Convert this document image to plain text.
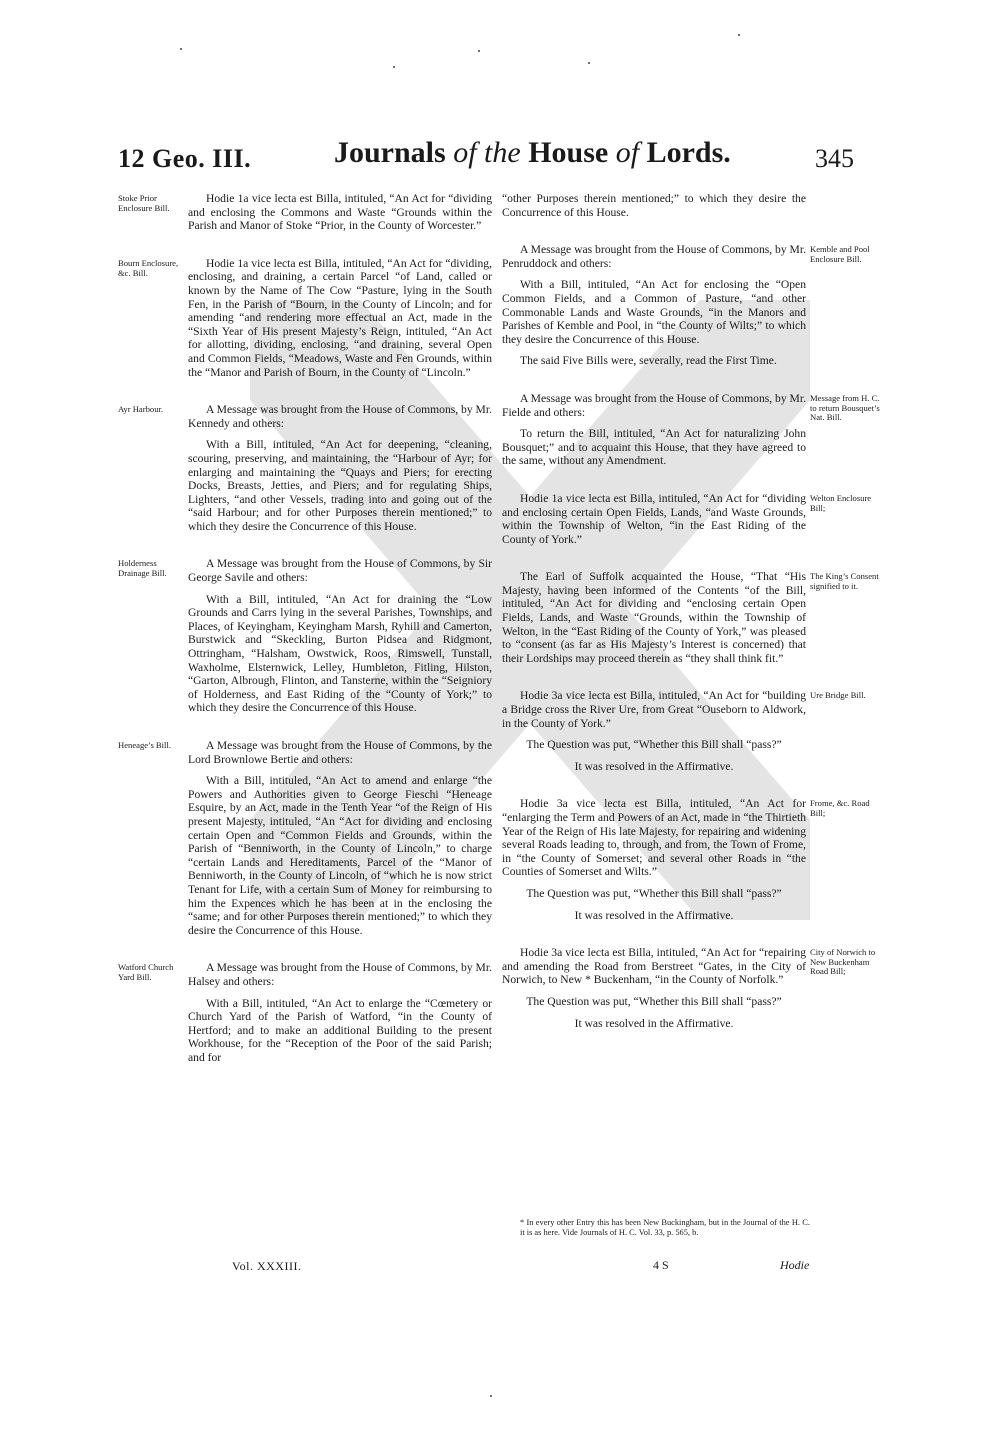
12 Geo. III.	Journals of the House of Lords.	345

Hodie 1a vice lecta est Billa, intituled, “An Act for “dividing and enclosing the Commons and Waste “Grounds within the Parish and Manor of Stoke “Prior, in the County of Worcester.”

Hodie 1a vice lecta est Billa, intituled, “An Act for “dividing, enclosing, and draining, a certain Parcel “of Land, called or known by the Name of The Cow “Pasture, lying in the South Fen, in the Parish of “Bourn, in the County of Lincoln; and for amending “and rendering more effectual an Act, made in the “Sixth Year of His present Majesty’s Reign, intituled, “An Act for allotting, dividing, enclosing, “and draining, several Open and Common Fields, “Meadows, Waste and Fen Grounds, within the “Manor and Parish of Bourn, in the County of “Lincoln.”

A Message was brought from the House of Commons, by Mr. Kennedy and others:

With a Bill, intituled, “An Act for deepening, “cleaning, scouring, preserving, and maintaining, the “Harbour of Ayr; for enlarging and maintaining the “Quays and Piers; for erecting Docks, Breasts, Jetties, and Piers; and for regulating Ships, Lighters, “and other Vessels, trading into and going out of the “said Harbour; and for other Purposes therein mentioned;” to which they desire the Concurrence of this House.

A Message was brought from the House of Commons, by Sir George Savile and others:

With a Bill, intituled, “An Act for draining the “Low Grounds and Carrs lying in the several Parishes, Townships, and Places, of Keyingham, Keyingham Marsh, Ryhill and Camerton, Burstwick and “Skeckling, Burton Pidsea and Ridgmont, Ottringham, “Halsham, Owstwick, Roos, Rimswell, Tunstall, Waxholme, Elsternwick, Lelley, Humbleton, Fitling, Hilston, “Garton, Albrough, Flinton, and Tansterne, within the “Seigniory of Holderness, and East Riding of the “County of York;” to which they desire the Concurrence of this House.

A Message was brought from the House of Commons, by the Lord Brownlowe Bertie and others:

With a Bill, intituled, “An Act to amend and enlarge “the Powers and Authorities given to George Fieschi “Heneage Esquire, by an Act, made in the Tenth Year “of the Reign of His present Majesty, intituled, “An “Act for dividing and enclosing certain Open and “Common Fields and Grounds, within the Parish of “Benniworth, in the County of Lincoln,” to charge “certain Lands and Hereditaments, Parcel of the “Manor of Benniworth, in the County of Lincoln, of “which he is now strict Tenant for Life, with a certain Sum of Money for reimbursing to him the Expences which he has been at in the enclosing the “same; and for other Purposes therein mentioned;” to which they desire the Concurrence of this House.

A Message was brought from the House of Commons, by Mr. Halsey and others:

With a Bill, intituled, “An Act to enlarge the “Cœmetery or Church Yard of the Parish of Watford, “in the County of Hertford; and to make an additional Building to the present Workhouse, for the “Reception of the Poor of the said Parish; and for

“other Purposes therein mentioned;” to which they desire the Concurrence of this House.

A Message was brought from the House of Commons, by Mr. Penruddock and others:

With a Bill, intituled, “An Act for enclosing the “Open Common Fields, and a Common of Pasture, “and other Commonable Lands and Waste Grounds, “in the Manors and Parishes of Kemble and Pool, in “the County of Wilts;” to which they desire the Concurrence of this House.

The said Five Bills were, severally, read the First Time.

A Message was brought from the House of Commons, by Mr. Fielde and others:

To return the Bill, intituled, “An Act for naturalizing John Bousquet;” and to acquaint this House, that they have agreed to the same, without any Amendment.

Hodie 1a vice lecta est Billa, intituled, “An Act for “dividing and enclosing certain Open Fields, Lands, “and Waste Grounds, within the Township of Welton, “in the East Riding of the County of York.”

The Earl of Suffolk acquainted the House, “That “His Majesty, having been informed of the Contents “of the Bill, intituled, “An Act for dividing and “enclosing certain Open Fields, Lands, and Waste “Grounds, within the Township of Welton, in the “East Riding of the County of York,” was pleased to “consent (as far as His Majesty’s Interest is concerned) that their Lordships may proceed therein as “they shall think fit.”

Hodie 3a vice lecta est Billa, intituled, “An Act for “building a Bridge cross the River Ure, from Great “Ouseborn to Aldwork, in the County of York.”

The Question was put, “Whether this Bill shall “pass?”

It was resolved in the Affirmative.

Hodie 3a vice lecta est Billa, intituled, “An Act for “enlarging the Term and Powers of an Act, made in “the Thirtieth Year of the Reign of His late Majesty, for repairing and widening several Roads leading to, through, and from, the Town of Frome, in “the County of Somerset; and several other Roads in “the Counties of Somerset and Wilts.”

The Question was put, “Whether this Bill shall “pass?”

It was resolved in the Affirmative.

Hodie 3a vice lecta est Billa, intituled, “An Act for “repairing and amending the Road from Berstreet “Gates, in the City of Norwich, to New * Buckenham, “in the County of Norfolk.”

The Question was put, “Whether this Bill shall “pass?”

It was resolved in the Affirmative.

* In every other Entry this has been New Buckingham, but in the Journal of the H. C. it is as here. Vide Journals of H. C. Vol. 33, p. 565, b.
Vol. XXXIII.	4 S	Hodie
Stoke Prior Enclosure Bill.
Bourn Enclosure, &c. Bill.
Ayr Harbour.
Holderness Drainage Bill.
Heneage’s Bill.
Watford Church Yard Bill.
Kemble and Pool Enclosure Bill.
Message from H. C. to return Bousquet’s Nat. Bill.
Welton Enclosure Bill;
The King’s Consent signified to it.
Ure Bridge Bill.
Frome, &c. Road Bill;
City of Norwich to New Buckenham Road Bill;
